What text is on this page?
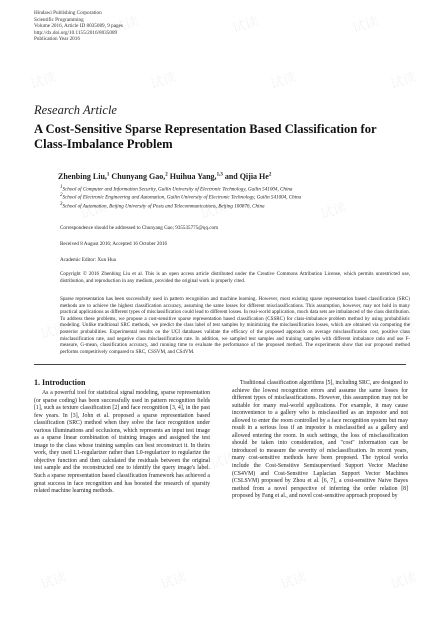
Hindawi Publishing Corporation
Scientific Programming
Volume 2016, Article ID 8035089, 9 pages
http://dx.doi.org/10.1155/2016/8035089
Publication Year 2016
Research Article
A Cost-Sensitive Sparse Representation Based Classification for Class-Imbalance Problem
Zhenbing Liu,$^1$ Chunyang Gao,$^2$ Huihua Yang,$^{1,3}$ and Qijia He$^2$
1School of Computer and Information Security, Guilin University of Electronic Technology, Guilin 541004, China
2School of Electronic Engineering and Automation, Guilin University of Electronic Technology, Guilin 541004, China
3School of Automation, Beijing University of Posts and Telecommunications, Beijing 100876, China
Correspondence should be addressed to Chunyang Gao; 935535775@qq.com
Received 8 August 2016; Accepted 16 October 2016
Academic Editor: Xun Hua
Copyright © 2016 Zhenbing Liu et al. This is an open access article distributed under the Creative Commons Attribution License, which permits unrestricted use, distribution, and reproduction in any medium, provided the original work is properly cited.
Sparse representation has been successfully used in pattern recognition and machine learning. However, most existing sparse representation based classification (SRC) methods are to achieve the highest classification accuracy, assuming the same losses for different misclassifications. This assumption, however, may not hold in many practical applications as different types of misclassification could lead to different losses. In real-world application, much data sets are imbalanced of the class distribution. To address these problems, we propose a cost-sensitive sparse representation based classification (CSSRC) for class-imbalance problem method by using probabilistic modeling. Unlike traditional SRC methods, we predict the class label of test samples by minimizing the misclassification losses, which are obtained via computing the posterior probabilities. Experimental results on the UCI databases validate the efficacy of the proposed approach on average misclassification cost, positive class misclassification rate, and negative class misclassification rate. In addition, we sampled test samples and training samples with different imbalance ratio and use F-measure, G-mean, classification accuracy, and running time to evaluate the performance of the proposed method. The experiments show that our proposed method performs competitively compared to SRC, CSSVM, and CS4VM.
1. Introduction

As a powerful tool for statistical signal modeling, sparse representation (or sparse coding) has been successfully used in pattern recognition fields [1], such as texture classification [2] and face recognition [3, 4], in the past few years. In [3], John et al. proposed a sparse representation based classification (SRC) method when they solve the face recognition under various illuminations and occlusions, which represents an input test image as a sparse linear combination of training images and assigned the test image to the class whose training samples can best reconstruct it. In theirs work, they used L1-regularizer rather than L0-regularizer to regularize the objective function and then calculated the residuals between the original test sample and the reconstructed one to identify the query image's label. Such a sparse representation based classification framework has achieved a great success in face recognition and has boosted the research of sparsity related machine learning methods.

Traditional classification algorithms [5], including SRC, are designed to achieve the lowest recognition errors and assume the same losses for different types of misclassifications. However, this assumption may not be suitable for many real-world applications. For example, it may cause inconvenience to a gallery who is misclassified as an impostor and not allowed to enter the room controlled by a face recognition system but may result in a serious loss if an impostor is misclassified as a gallery and allowed entering the room. In such settings, the loss of misclassification should be taken into consideration, and "cost" information can be introduced to measure the severity of misclassification. In recent years, many cost-sensitive methods have been proposed. The typical works include the Cost-Sensitive Semisupervised Support Vector Machine (CS4VM) and Cost-Sensitive Laplacian Support Vector Machines (CSLSVM) proposed by Zhou et al. [6, 7], a cost-sensitive Naive Bayes method from a novel perspective of inferring the order relation [8] proposed by Fang et al., and novel cost-sensitive approach proposed by

试读	试读	试读
试读	试读	试读	试读
试读	试读	试读
试读	试读	试读	试读
试读	试读	试读
试读	试读	试读	试读
